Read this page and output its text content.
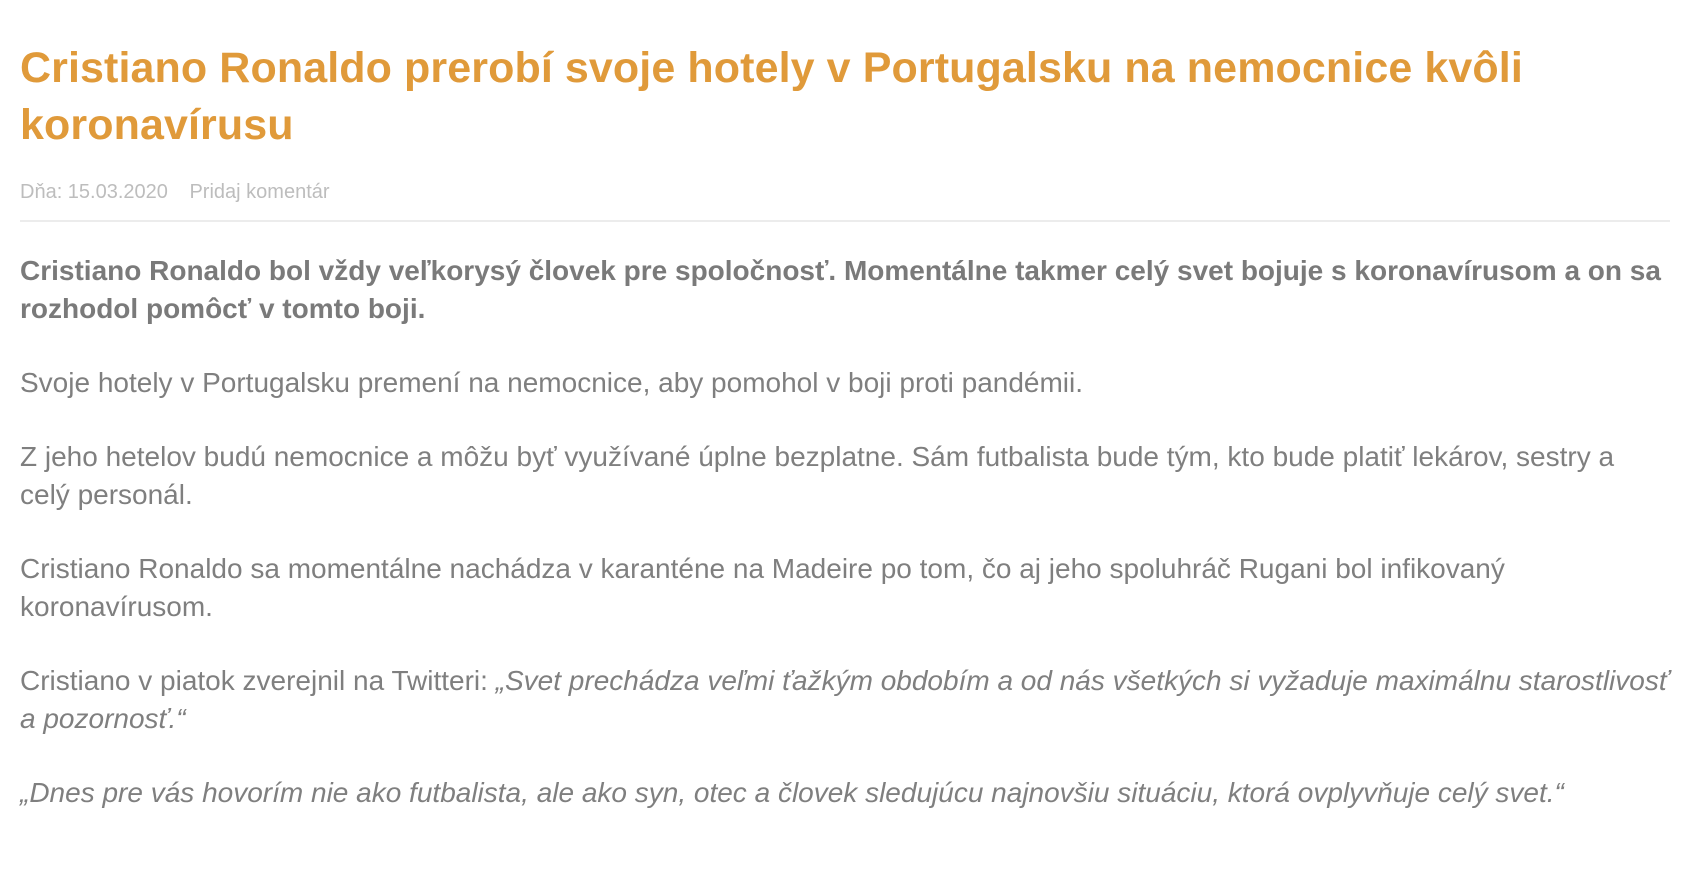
Cristiano Ronaldo prerobí svoje hotely v Portugalsku na nemocnice kvôli koronavírusu
Dňa: 15.03.2020 Pridaj komentár

Cristiano Ronaldo bol vždy veľkorysý človek pre spoločnosť. Momentálne takmer celý svet bojuje s koronavírusom a on sa rozhodol pomôcť v tomto boji.

Svoje hotely v Portugalsku premení na nemocnice, aby pomohol v boji proti pandémii.

Z jeho hetelov budú nemocnice a môžu byť využívané úplne bezplatne. Sám futbalista bude tým, kto bude platiť lekárov, sestry a celý personál.

Cristiano Ronaldo sa momentálne nachádza v karanténe na Madeire po tom, čo aj jeho spoluhráč Rugani bol infikovaný koronavírusom.

Cristiano v piatok zverejnil na Twitteri: „Svet prechádza veľmi ťažkým obdobím a od nás všetkých si vyžaduje maximálnu starostlivosť a pozornosť.“

„Dnes pre vás hovorím nie ako futbalista, ale ako syn, otec a človek sledujúcu najnovšiu situáciu, ktorá ovplyvňuje celý svet.“
